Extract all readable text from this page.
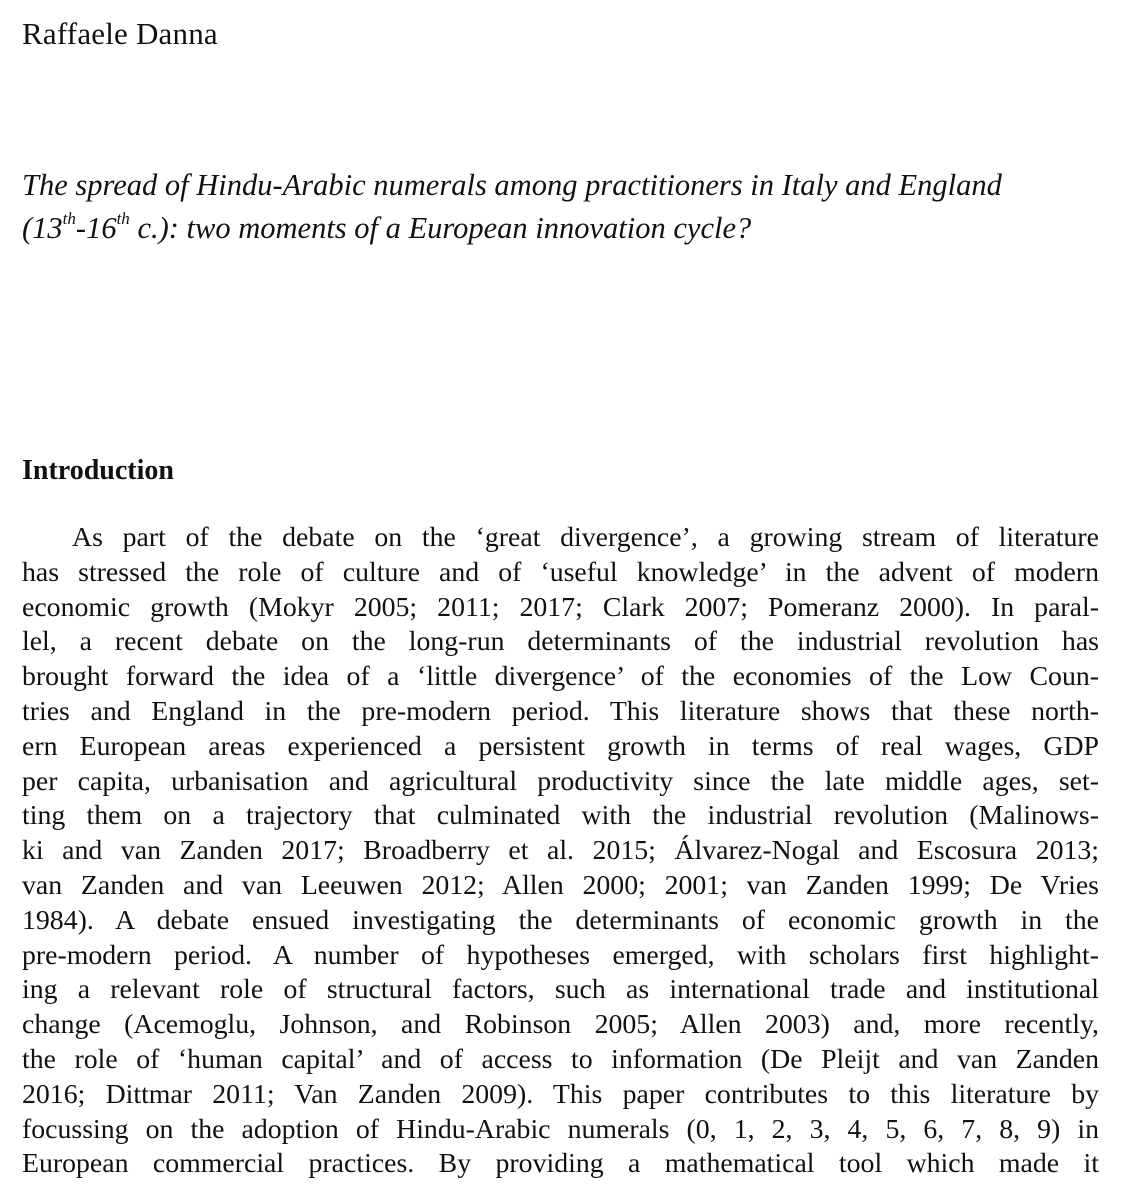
Raffaele Danna
The spread of Hindu-Arabic numerals among practitioners in Italy and England
(13th-16th c.): two moments of a European innovation cycle?
Introduction
As part of the debate on the ‘great divergence’, a growing stream of literature
has stressed the role of culture and of ‘useful knowledge’ in the advent of modern
economic growth (Mokyr 2005; 2011; 2017; Clark 2007; Pomeranz 2000). In paral-
lel, a recent debate on the long-run determinants of the industrial revolution has
brought forward the idea of a ‘little divergence’ of the economies of the Low Coun-
tries and England in the pre-modern period. This literature shows that these north-
ern European areas experienced a persistent growth in terms of real wages, GDP
per capita, urbanisation and agricultural productivity since the late middle ages, set-
ting them on a trajectory that culminated with the industrial revolution (Malinows-
ki and van Zanden 2017; Broadberry et al. 2015; Álvarez-Nogal and Escosura 2013;
van Zanden and van Leeuwen 2012; Allen 2000; 2001; van Zanden 1999; De Vries
1984). A debate ensued investigating the determinants of economic growth in the
pre-modern period. A number of hypotheses emerged, with scholars first highlight-
ing a relevant role of structural factors, such as international trade and institutional
change (Acemoglu, Johnson, and Robinson 2005; Allen 2003) and, more recently,
the role of ‘human capital’ and of access to information (De Pleijt and van Zanden
2016; Dittmar 2011; Van Zanden 2009). This paper contributes to this literature by
focussing on the adoption of Hindu-Arabic numerals (0, 1, 2, 3, 4, 5, 6, 7, 8, 9) in
European commercial practices. By providing a mathematical tool which made it
